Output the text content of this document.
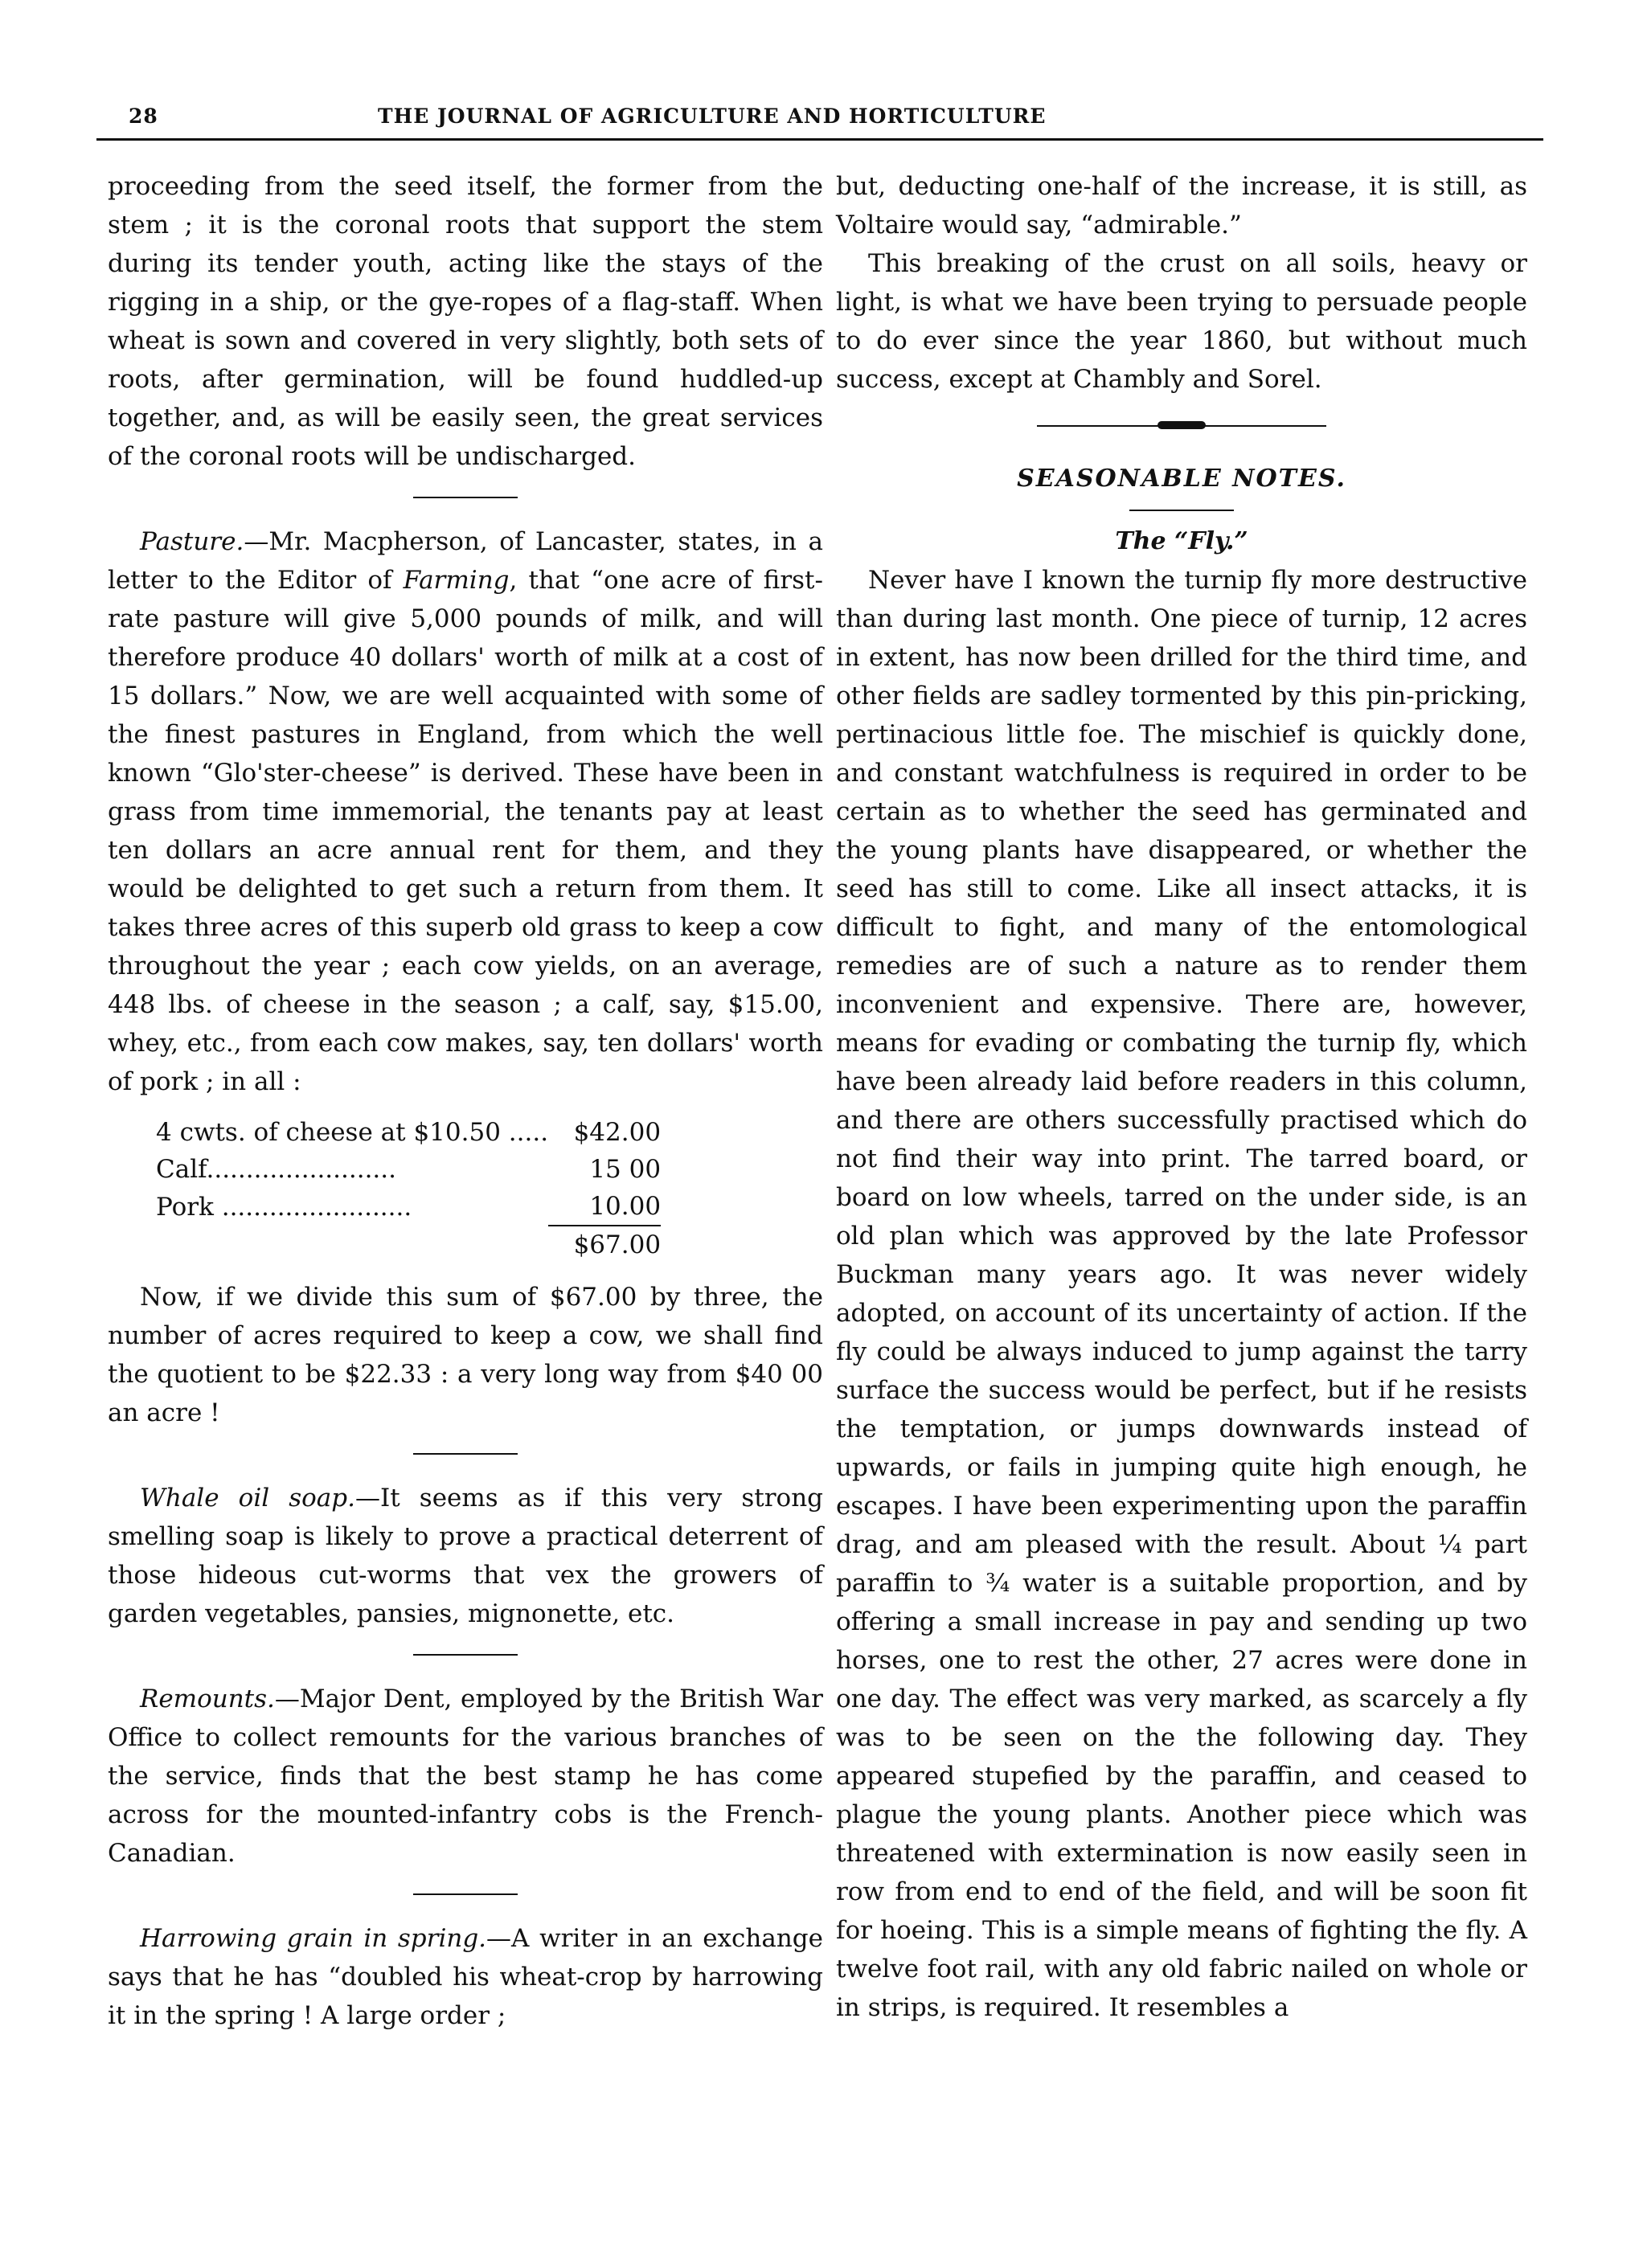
28	THE JOURNAL OF AGRICULTURE AND HORTICULTURE

proceeding from the seed itself, the former from the stem ; it is the coronal roots that support the stem during its tender youth, acting like the stays of the rigging in a ship, or the gye-ropes of a flag-staff. When wheat is sown and covered in very slightly, both sets of roots, after germination, will be found huddled-up together, and, as will be easily seen, the great services of the coronal roots will be undischarged.

Pasture.—Mr. Macpherson, of Lancaster, states, in a letter to the Editor of Farming, that “one acre of first-rate pasture will give 5,000 pounds of milk, and will therefore produce 40 dollars' worth of milk at a cost of 15 dollars.” Now, we are well acquainted with some of the finest pastures in England, from which the well known “Glo'ster-cheese” is derived. These have been in grass from time immemorial, the tenants pay at least ten dollars an acre annual rent for them, and they would be delighted to get such a return from them. It takes three acres of this superb old grass to keep a cow throughout the year ; each cow yields, on an average, 448 lbs. of cheese in the season ; a calf, say, $15.00, whey, etc., from each cow makes, say, ten dollars' worth of pork ; in all :

4 cwts. of cheese at $10.50 .....	$42.00
Calf........................	15 00
Pork ........................	10.00
	$67.00

Now, if we divide this sum of $67.00 by three, the number of acres required to keep a cow, we shall find the quotient to be $22.33 : a very long way from $40 00 an acre !

Whale oil soap.—It seems as if this very strong smelling soap is likely to prove a practical deterrent of those hideous cut-worms that vex the growers of garden vegetables, pansies, mignonette, etc.

Remounts.—Major Dent, employed by the British War Office to collect remounts for the various branches of the service, finds that the best stamp he has come across for the mounted-infantry cobs is the French-Canadian.

Harrowing grain in spring.—A writer in an exchange says that he has “doubled his wheat-crop by harrowing it in the spring ! A large order ;

but, deducting one-half of the increase, it is still, as Voltaire would say, “admirable.”

This breaking of the crust on all soils, heavy or light, is what we have been trying to persuade people to do ever since the year 1860, but without much success, except at Chambly and Sorel.

SEASONABLE NOTES.
The “Fly.”

Never have I known the turnip fly more destructive than during last month. One piece of turnip, 12 acres in extent, has now been drilled for the third time, and other fields are sadley tormented by this pin-pricking, pertinacious little foe. The mischief is quickly done, and constant watchfulness is required in order to be certain as to whether the seed has germinated and the young plants have disappeared, or whether the seed has still to come. Like all insect attacks, it is difficult to fight, and many of the entomological remedies are of such a nature as to render them inconvenient and expensive. There are, however, means for evading or combating the turnip fly, which have been already laid before readers in this column, and there are others successfully practised which do not find their way into print. The tarred board, or board on low wheels, tarred on the under side, is an old plan which was approved by the late Professor Buckman many years ago. It was never widely adopted, on account of its uncertainty of action. If the fly could be always induced to jump against the tarry surface the success would be perfect, but if he resists the temptation, or jumps downwards instead of upwards, or fails in jumping quite high enough, he escapes. I have been experimenting upon the paraffin drag, and am pleased with the result. About ¼ part paraffin to ¾ water is a suitable proportion, and by offering a small increase in pay and sending up two horses, one to rest the other, 27 acres were done in one day. The effect was very marked, as scarcely a fly was to be seen on the the following day. They appeared stupefied by the paraffin, and ceased to plague the young plants. Another piece which was threatened with extermination is now easily seen in row from end to end of the field, and will be soon fit for hoeing. This is a simple means of fighting the fly. A twelve foot rail, with any old fabric nailed on whole or in strips, is required. It resembles a
